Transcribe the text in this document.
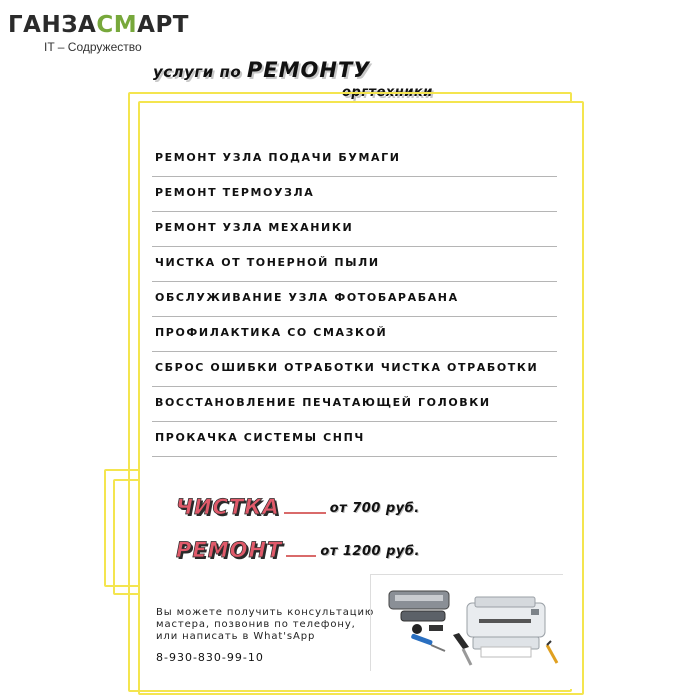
ГАНЗАСМАРТ
IT – Содружество
услуги по РЕМОНТУ
оргтехники
РЕМОНТ УЗЛА ПОДАЧИ БУМАГИ
РЕМОНТ ТЕРМОУЗЛА
РЕМОНТ УЗЛА МЕХАНИКИ
ЧИСТКА ОТ ТОНЕРНОЙ ПЫЛИ
ОБСЛУЖИВАНИЕ УЗЛА ФОТОБАРАБАНА
ПРОФИЛАКТИКА СО СМАЗКОЙ
СБРОС ОШИБКИ ОТРАБОТКИ ЧИСТКА ОТРАБОТКИ
ВОССТАНОВЛЕНИЕ ПЕЧАТАЮЩЕЙ ГОЛОВКИ
ПРОКАЧКА СИСТЕМЫ СНПЧ
ЧИСТКА	от 700 руб.
РЕМОНТ	от 1200 руб.
Вы можете получить консультацию мастера, позвонив по телефону, или написать в What'sApp
8-930-830-99-10
